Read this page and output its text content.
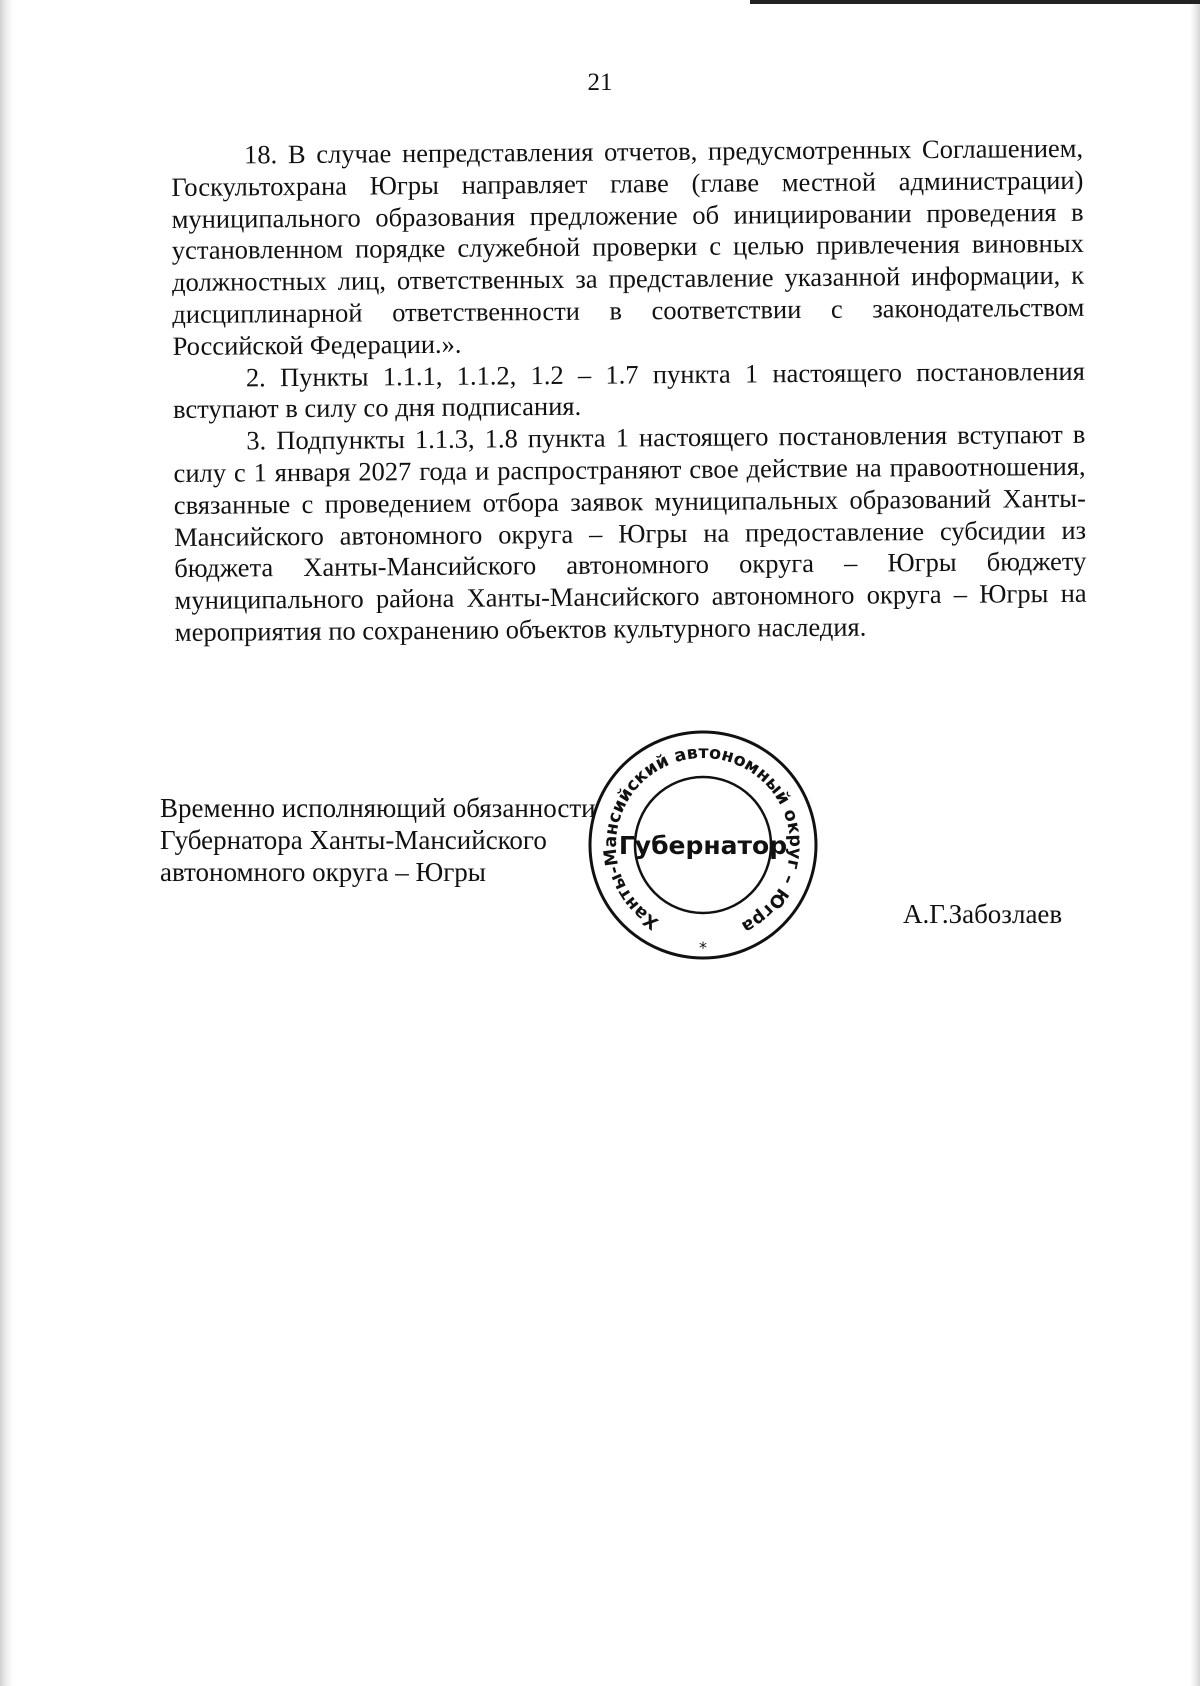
21

18. В случае непредставления отчетов, предусмотренных Соглашением, Госкультохрана Югры направляет главе (главе местной администрации) муниципального образования предложение об инициировании проведения в установленном порядке служебной проверки с целью привлечения виновных должностных лиц, ответственных за представление указанной информации, к дисциплинарной ответственности в соответствии с законодательством Российской Федерации.».

2. Пункты 1.1.1, 1.1.2, 1.2 – 1.7 пункта 1 настоящего постановления вступают в силу со дня подписания.

3. Подпункты 1.1.3, 1.8 пункта 1 настоящего постановления вступают в силу с 1 января 2027 года и распространяют свое действие на правоотношения, связанные с проведением отбора заявок муниципальных образований Ханты-Мансийского автономного округа – Югры на предоставление субсидии из бюджета Ханты-Мансийского автономного округа – Югры бюджету муниципального района Ханты-Мансийского автономного округа – Югры на мероприятия по сохранению объектов культурного наследия.

Временно исполняющий обязанности
Губернатора Ханты-Мансийского
автономного округа – Югры
Ханты-Мансийский автономный округ – Югра
Губернатор
*
А.Г.Забозлаев
